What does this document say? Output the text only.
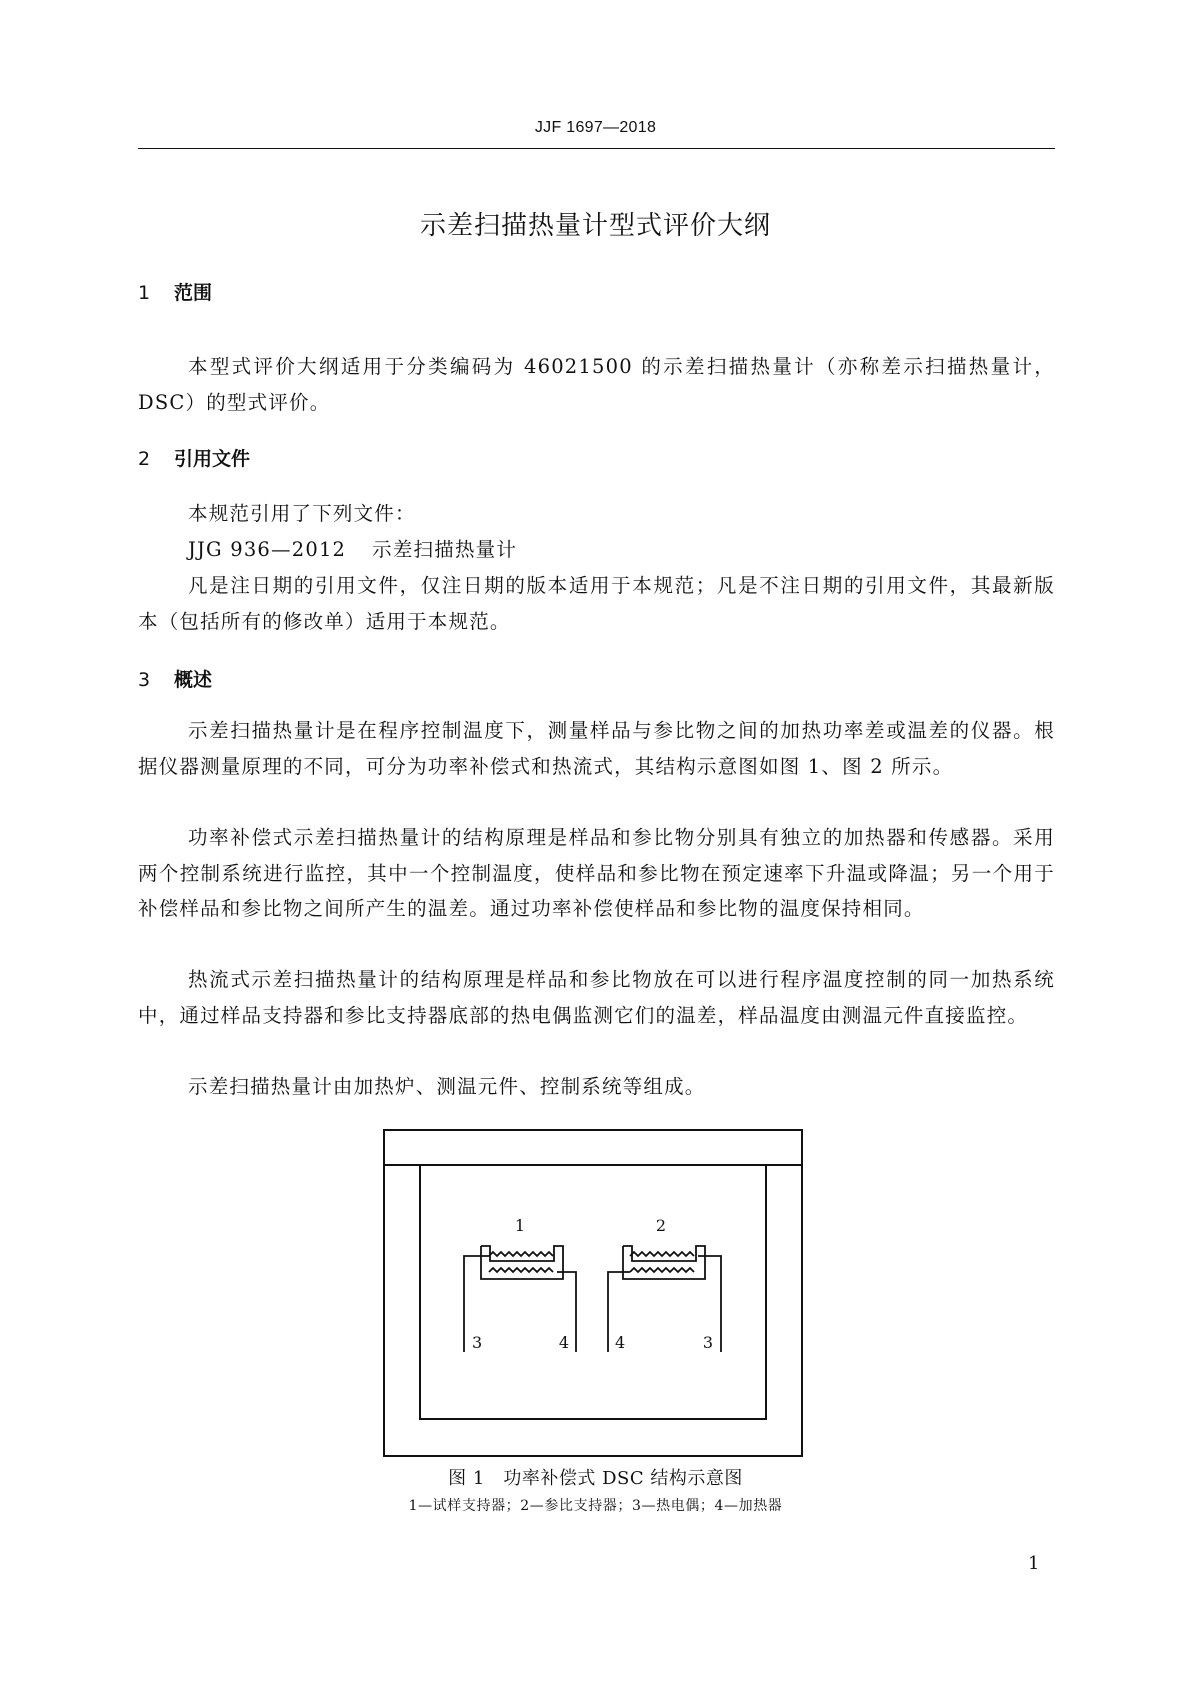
JJF 1697—2018
示差扫描热量计型式评价大纲
1 范围

本型式评价大纲适用于分类编码为 46021500 的示差扫描热量计（亦称差示扫描热量计，DSC）的型式评价。

2 引用文件

本规范引用了下列文件：

JJG 936—2012 示差扫描热量计

凡是注日期的引用文件，仅注日期的版本适用于本规范；凡是不注日期的引用文件，其最新版本（包括所有的修改单）适用于本规范。

3 概述

示差扫描热量计是在程序控制温度下，测量样品与参比物之间的加热功率差或温差的仪器。根据仪器测量原理的不同，可分为功率补偿式和热流式，其结构示意图如图 1、图 2 所示。

功率补偿式示差扫描热量计的结构原理是样品和参比物分别具有独立的加热器和传感器。采用两个控制系统进行监控，其中一个控制温度，使样品和参比物在预定速率下升温或降温；另一个用于补偿样品和参比物之间所产生的温差。通过功率补偿使样品和参比物的温度保持相同。

热流式示差扫描热量计的结构原理是样品和参比物放在可以进行程序温度控制的同一加热系统中，通过样品支持器和参比支持器底部的热电偶监测它们的温差，样品温度由测温元件直接监控。

示差扫描热量计由加热炉、测温元件、控制系统等组成。

1	2
3	4	4	3
图 1　功率补偿式 DSC 结构示意图
1—试样支持器；2—参比支持器；3—热电偶；4—加热器
1
